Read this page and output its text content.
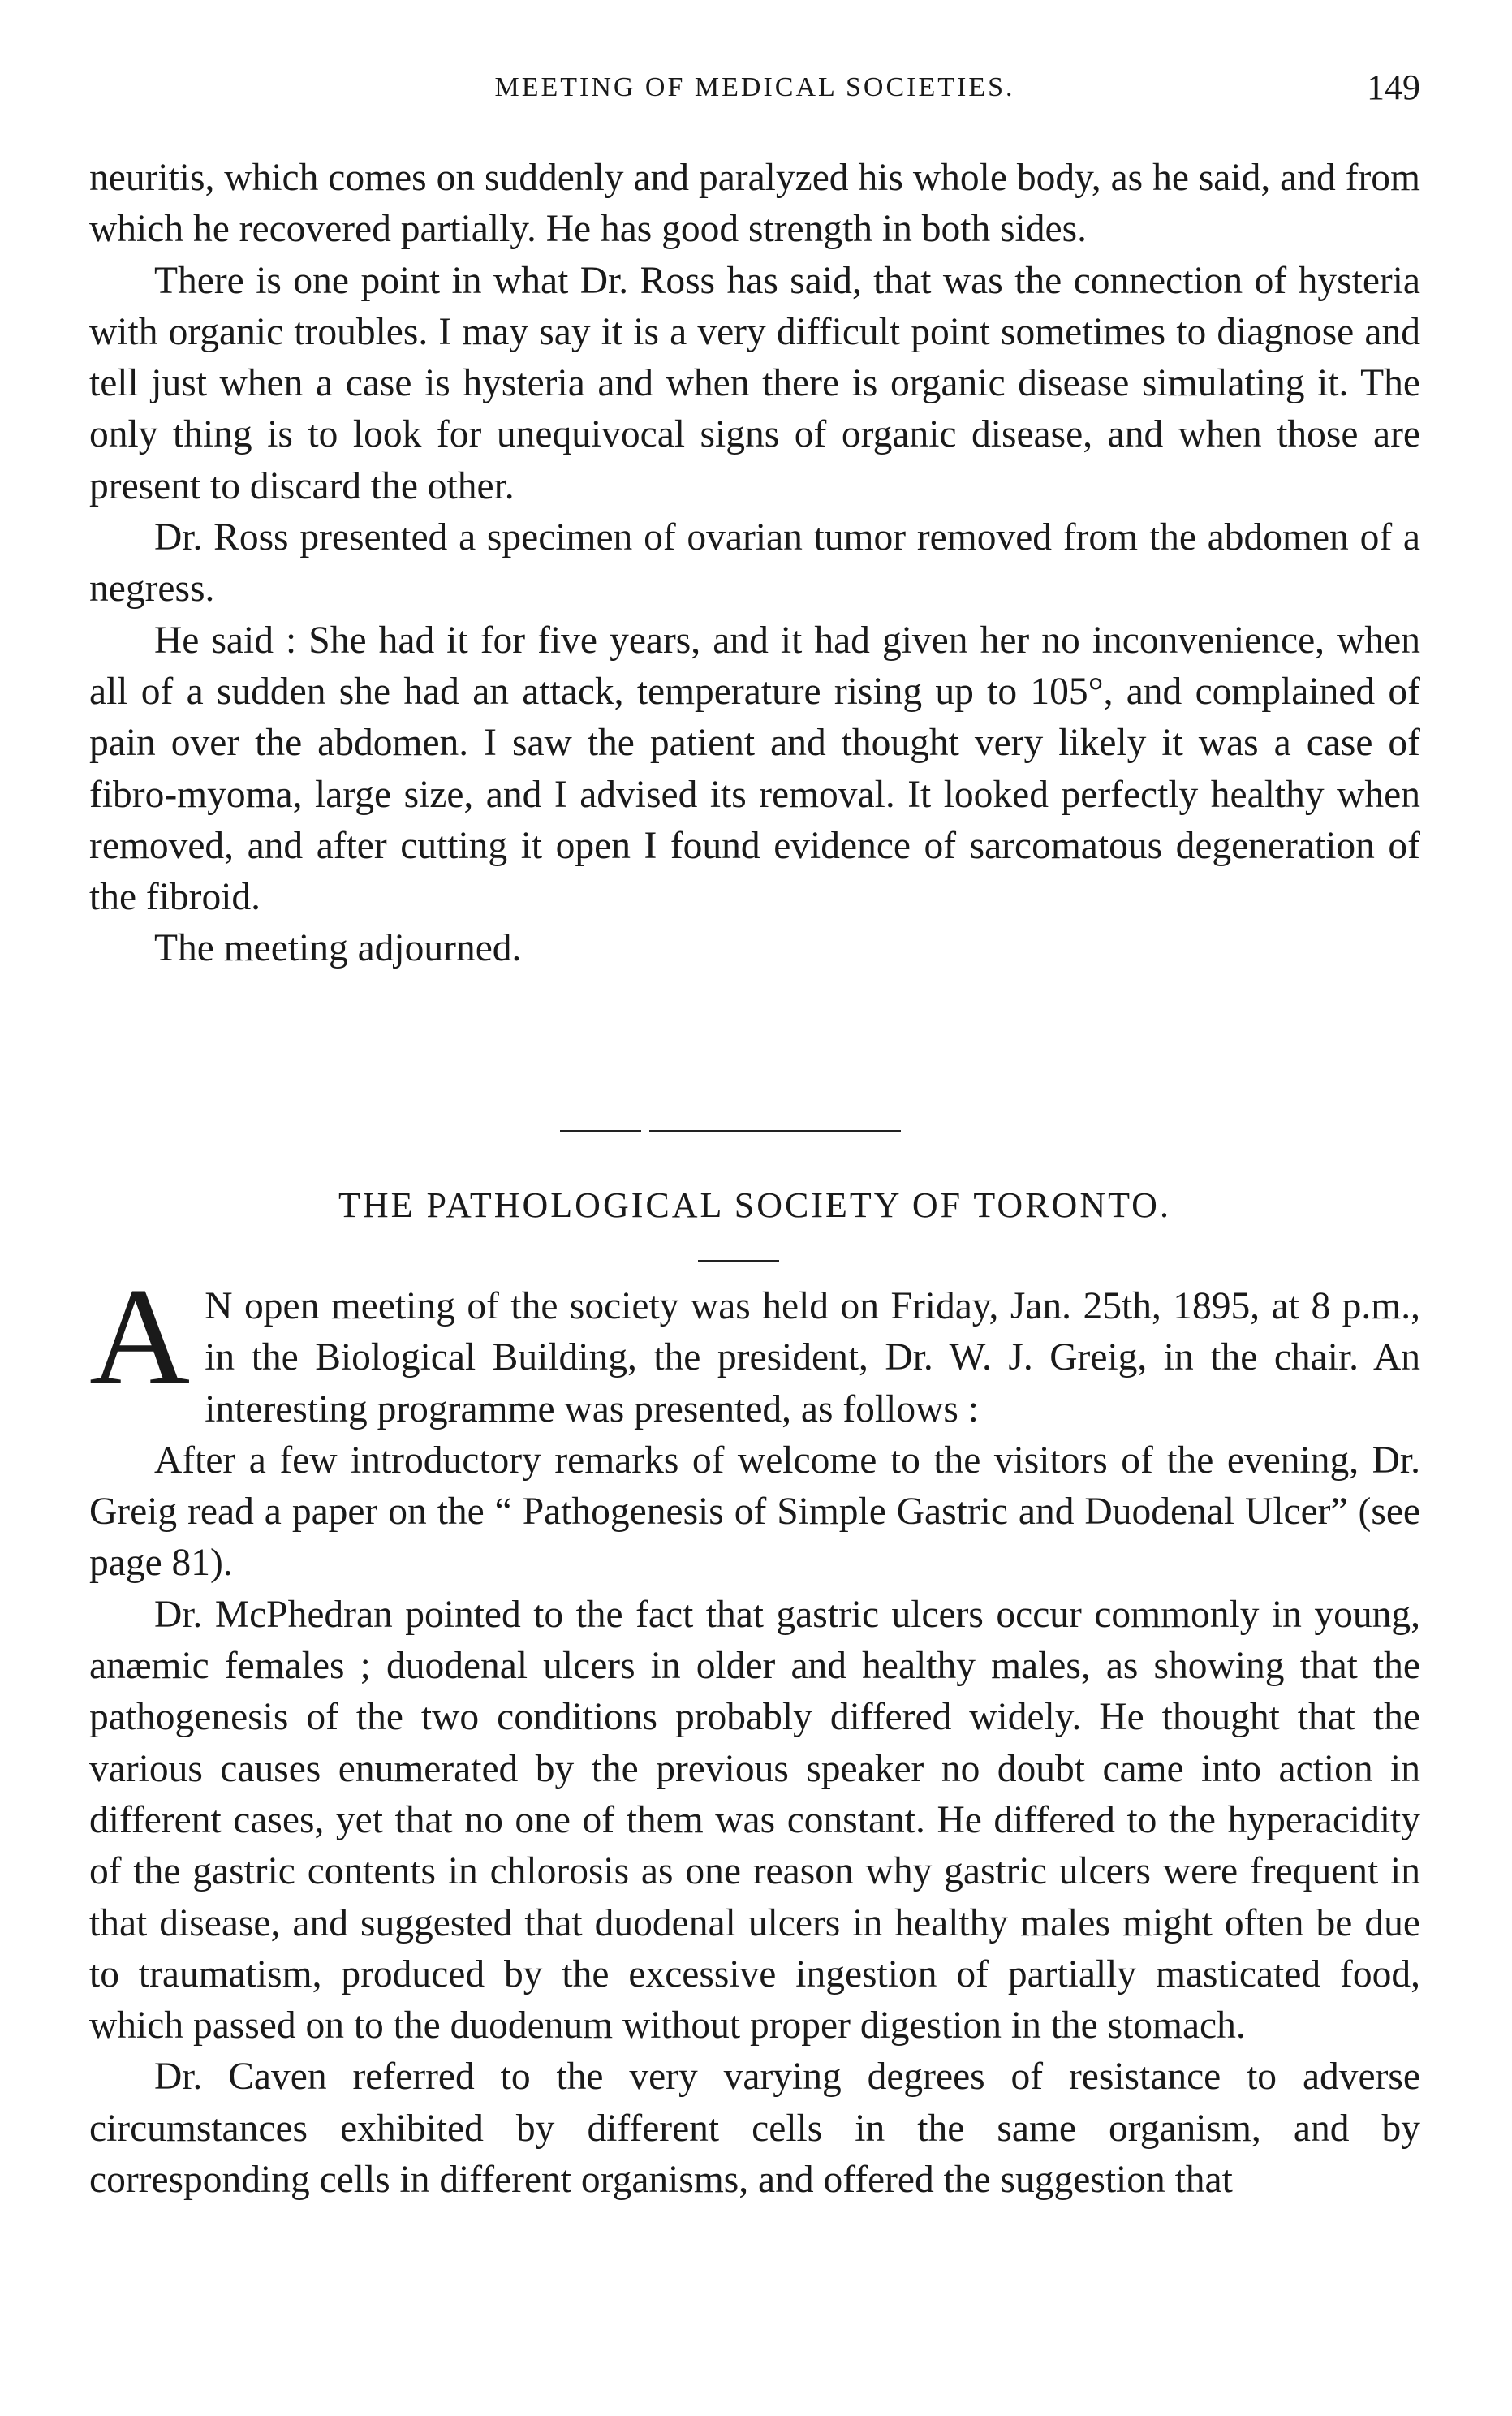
MEETING OF MEDICAL SOCIETIES.	149

neuritis, which comes on suddenly and paralyzed his whole body, as he said, and from which he recovered partially. He has good strength in both sides.

There is one point in what Dr. Ross has said, that was the connection of hysteria with organic troubles. I may say it is a very difficult point sometimes to diagnose and tell just when a case is hysteria and when there is organic disease simulating it. The only thing is to look for unequivocal signs of organic disease, and when those are present to discard the other.

Dr. Ross presented a specimen of ovarian tumor removed from the abdomen of a negress.

He said : She had it for five years, and it had given her no inconvenience, when all of a sudden she had an attack, temperature rising up to 105°, and complained of pain over the abdomen. I saw the patient and thought very likely it was a case of fibro-myoma, large size, and I advised its removal. It looked perfectly healthy when removed, and after cutting it open I found evidence of sarcomatous degeneration of the fibroid.

The meeting adjourned.

THE PATHOLOGICAL SOCIETY OF TORONTO.
A N open meeting of the society was held on Friday, Jan. 25th, 1895, at 8 p.m., in the Biological Building, the president, Dr. W. J. Greig, in the chair. An interesting programme was presented, as follows :

After a few introductory remarks of welcome to the visitors of the evening, Dr. Greig read a paper on the “ Pathogenesis of Simple Gastric and Duodenal Ulcer” (see page 81).

Dr. McPhedran pointed to the fact that gastric ulcers occur commonly in young, anæmic females ; duodenal ulcers in older and healthy males, as showing that the pathogenesis of the two conditions probably differed widely. He thought that the various causes enumerated by the previous speaker no doubt came into action in different cases, yet that no one of them was constant. He differed to the hyperacidity of the gastric contents in chlorosis as one reason why gastric ulcers were frequent in that disease, and suggested that duodenal ulcers in healthy males might often be due to traumatism, produced by the excessive ingestion of partially masticated food, which passed on to the duodenum without proper digestion in the stomach.

Dr. Caven referred to the very varying degrees of resistance to adverse circumstances exhibited by different cells in the same organism, and by corresponding cells in different organisms, and offered the suggestion that
